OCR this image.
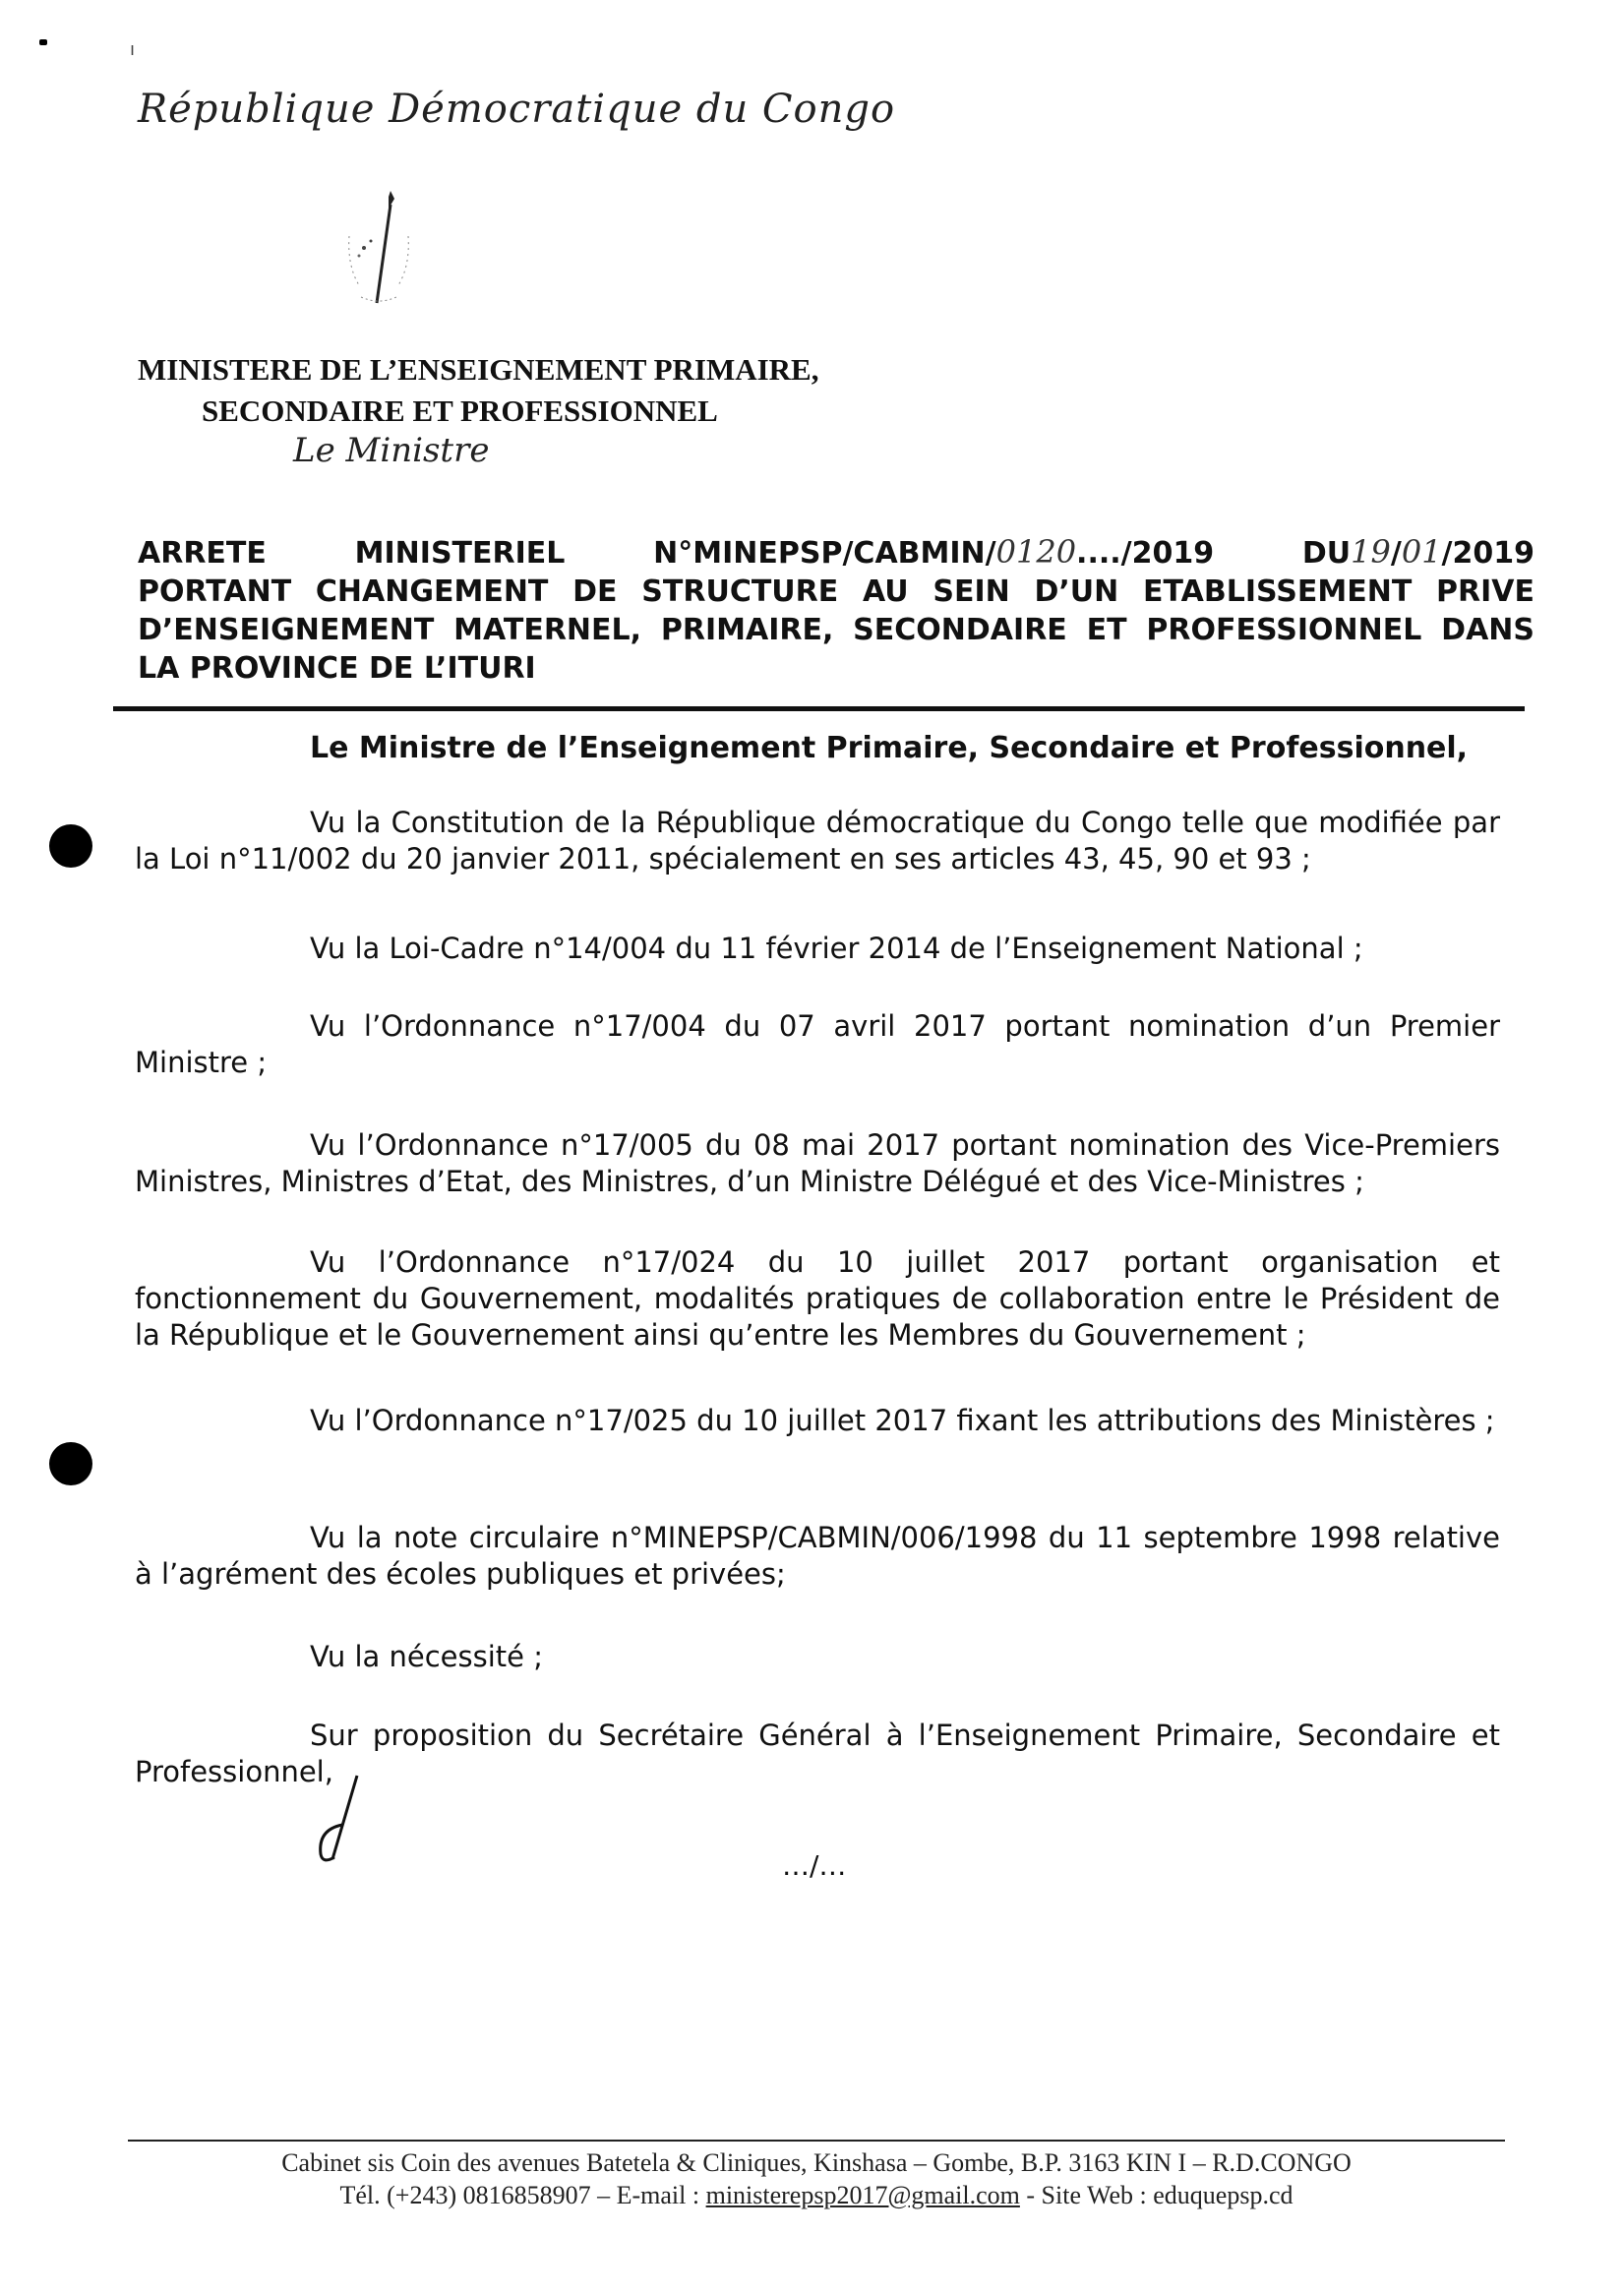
ı
République Démocratique du Congo
MINISTERE DE L’ENSEIGNEMENT PRIMAIRE,
SECONDAIRE ET PROFESSIONNEL
Le Ministre
ARRETE MINISTERIEL N°MINEPSP/CABMIN/0120..../2019 DU19/01/2019
PORTANT CHANGEMENT DE STRUCTURE AU SEIN D’UN ETABLISSEMENT PRIVE
D’ENSEIGNEMENT MATERNEL, PRIMAIRE, SECONDAIRE ET PROFESSIONNEL DANS
LA PROVINCE DE L’ITURI
Le Ministre de l’Enseignement Primaire, Secondaire et Professionnel,

Vu la Constitution de la République démocratique du Congo telle que modifiée par la Loi n°11/002 du 20 janvier 2011, spécialement en ses articles 43, 45, 90 et 93 ;

Vu la Loi-Cadre n°14/004 du 11 février 2014 de l’Enseignement National ;

Vu l’Ordonnance n°17/004 du 07 avril 2017 portant nomination d’un Premier Ministre ;

Vu l’Ordonnance n°17/005 du 08 mai 2017 portant nomination des Vice-Premiers Ministres, Ministres d’Etat, des Ministres, d’un Ministre Délégué et des Vice-Ministres ;

Vu l’Ordonnance n°17/024 du 10 juillet 2017 portant organisation et fonctionnement du Gouvernement, modalités pratiques de collaboration entre le Président de la République et le Gouvernement ainsi qu’entre les Membres du Gouvernement ;

Vu l’Ordonnance n°17/025 du 10 juillet 2017 fixant les attributions des Ministères ;

Vu la note circulaire n°MINEPSP/CABMIN/006/1998 du 11 septembre 1998 relative à l’agrément des écoles publiques et privées;

Vu la nécessité ;

Sur proposition du Secrétaire Général à l’Enseignement Primaire, Secondaire et Professionnel,

…/…
Cabinet sis Coin des avenues Batetela & Cliniques, Kinshasa – Gombe, B.P. 3163 KIN I – R.D.CONGO
Tél. (+243) 0816858907 – E-mail : ministerepsp2017@gmail.com - Site Web : eduquepsp.cd
